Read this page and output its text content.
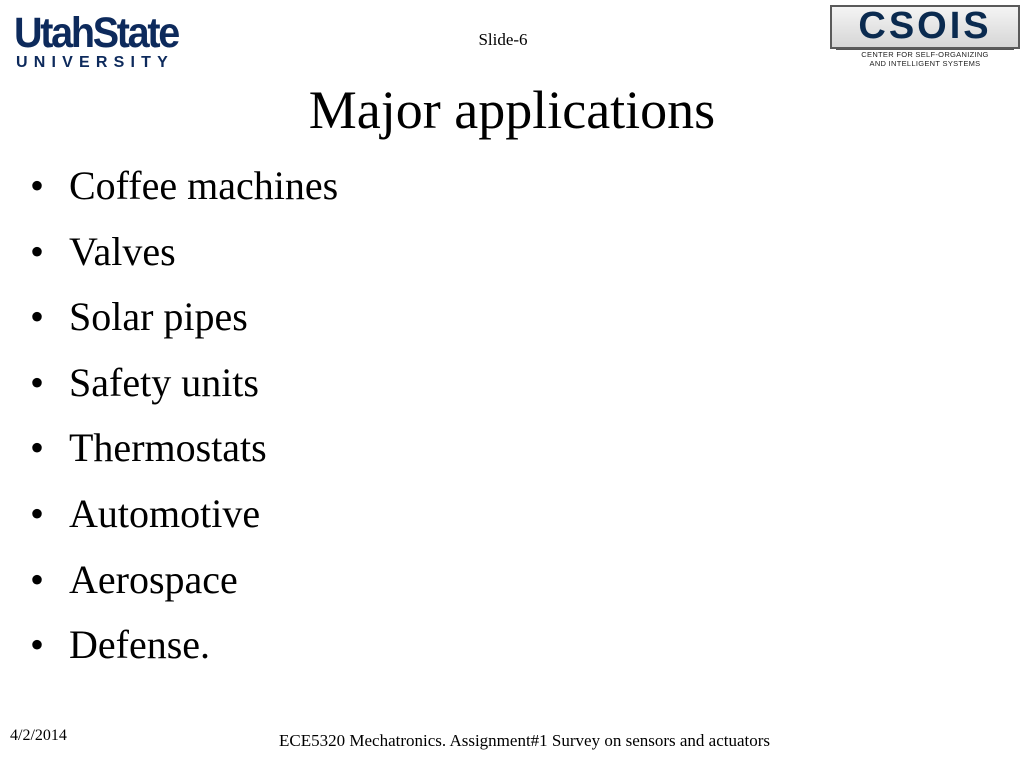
UtahState
UNIVERSITY
Slide-6	CSOIS
CENTER FOR SELF-ORGANIZING
AND INTELLIGENT SYSTEMS
Major applications
• Coffee machines
• Valves
• Solar pipes
• Safety units
• Thermostats
• Automotive
• Aerospace
• Defense.
4/2/2014	ECE5320 Mechatronics. Assignment#1 Survey on sensors and actuators
